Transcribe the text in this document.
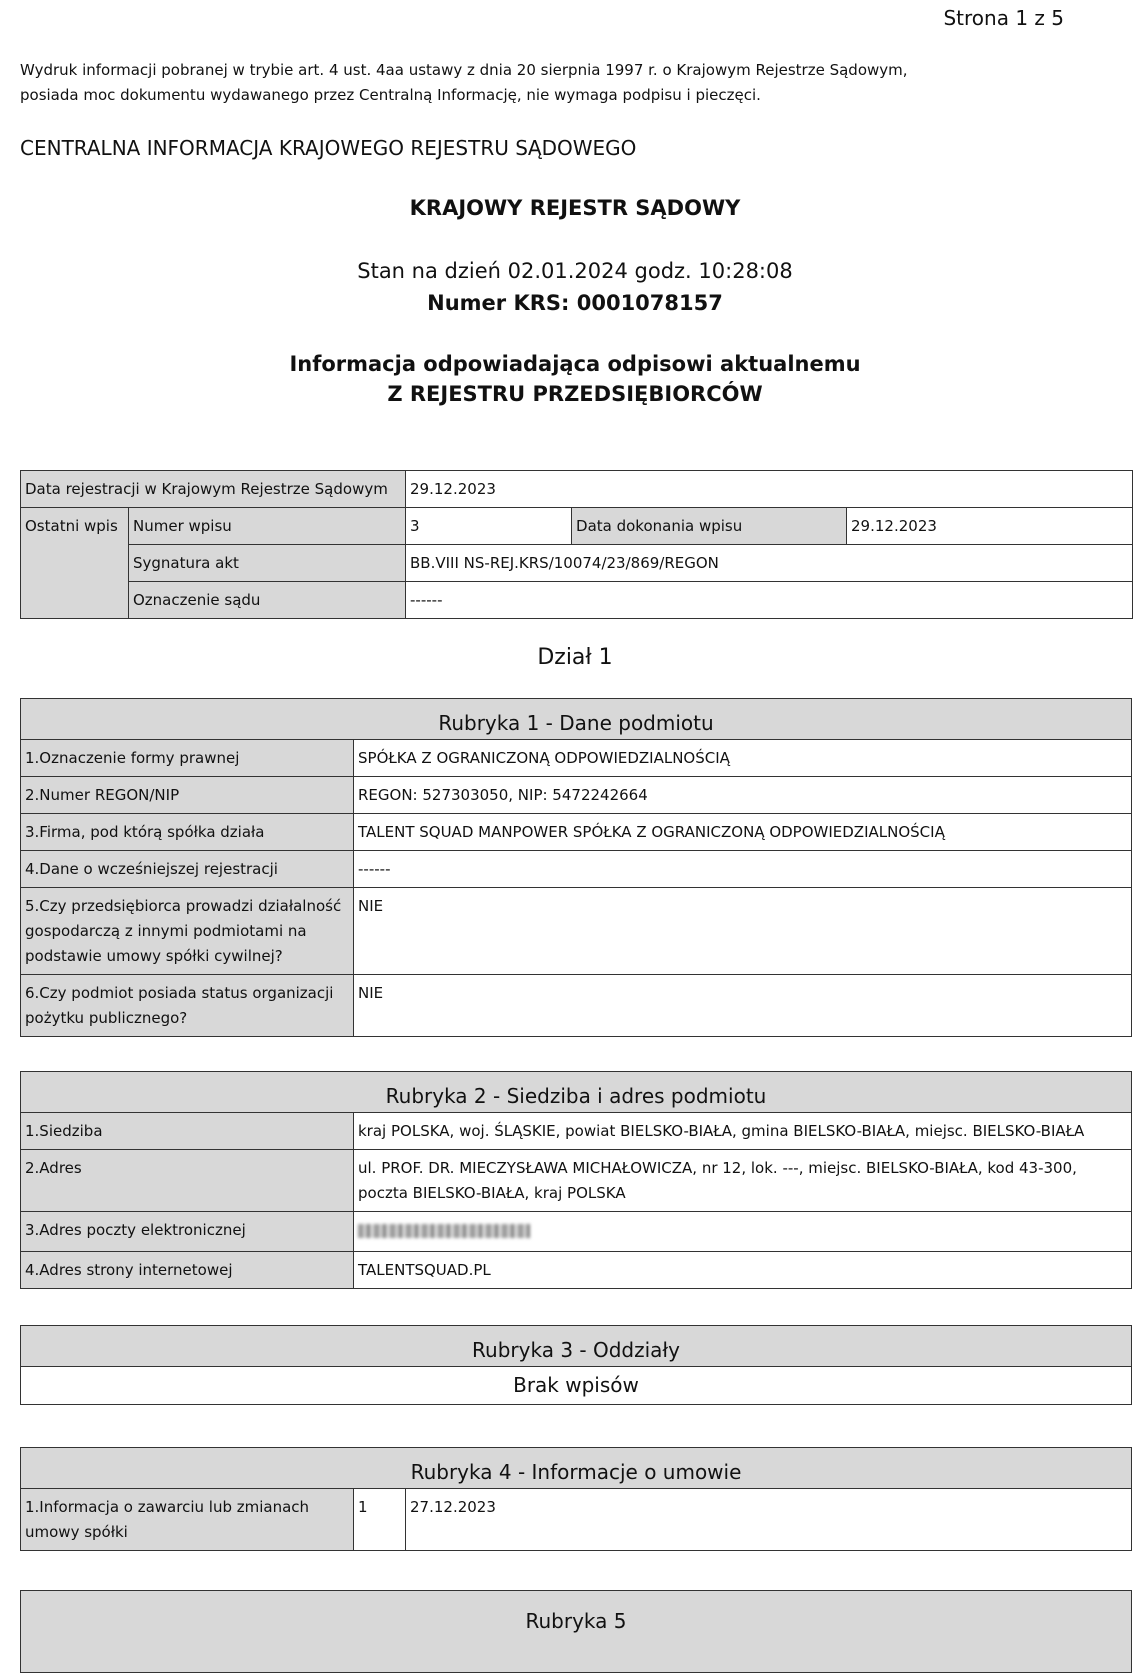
Strona 1 z 5
Wydruk informacji pobranej w trybie art. 4 ust. 4aa ustawy z dnia 20 sierpnia 1997 r. o Krajowym Rejestrze Sądowym,
posiada moc dokumentu wydawanego przez Centralną Informację, nie wymaga podpisu i pieczęci.
CENTRALNA INFORMACJA KRAJOWEGO REJESTRU SĄDOWEGO
KRAJOWY REJESTR SĄDOWY
Stan na dzień 02.01.2024 godz. 10:28:08
Numer KRS: 0001078157
Informacja odpowiadająca odpisowi aktualnemu
Z REJESTRU PRZEDSIĘBIORCÓW
Data rejestracji w Krajowym Rejestrze Sądowym	29.12.2023
Ostatni wpis	Numer wpisu	3	Data dokonania wpisu	29.12.2023
Sygnatura akt	BB.VIII NS-REJ.KRS/10074/23/869/REGON
Oznaczenie sądu	------
Dział 1
Rubryka 1 - Dane podmiotu
1.Oznaczenie formy prawnej	SPÓŁKA Z OGRANICZONĄ ODPOWIEDZIALNOŚCIĄ
2.Numer REGON/NIP	REGON: 527303050, NIP: 5472242664
3.Firma, pod którą spółka działa	TALENT SQUAD MANPOWER SPÓŁKA Z OGRANICZONĄ ODPOWIEDZIALNOŚCIĄ
4.Dane o wcześniejszej rejestracji	------
5.Czy przedsiębiorca prowadzi działalność gospodarczą z innymi podmiotami na podstawie umowy spółki cywilnej?	NIE
6.Czy podmiot posiada status organizacji pożytku publicznego?	NIE
Rubryka 2 - Siedziba i adres podmiotu
1.Siedziba	kraj POLSKA, woj. ŚLĄSKIE, powiat BIELSKO-BIAŁA, gmina BIELSKO-BIAŁA, miejsc. BIELSKO-BIAŁA
2.Adres	ul. PROF. DR. MIECZYSŁAWA MICHAŁOWICZA, nr 12, lok. ---, miejsc. BIELSKO-BIAŁA, kod 43-300, poczta BIELSKO-BIAŁA, kraj POLSKA
3.Adres poczty elektronicznej	
4.Adres strony internetowej	TALENTSQUAD.PL
Rubryka 3 - Oddziały
Brak wpisów
Rubryka 4 - Informacje o umowie
1.Informacja o zawarciu lub zmianach umowy spółki	1	27.12.2023
Rubryka 5
